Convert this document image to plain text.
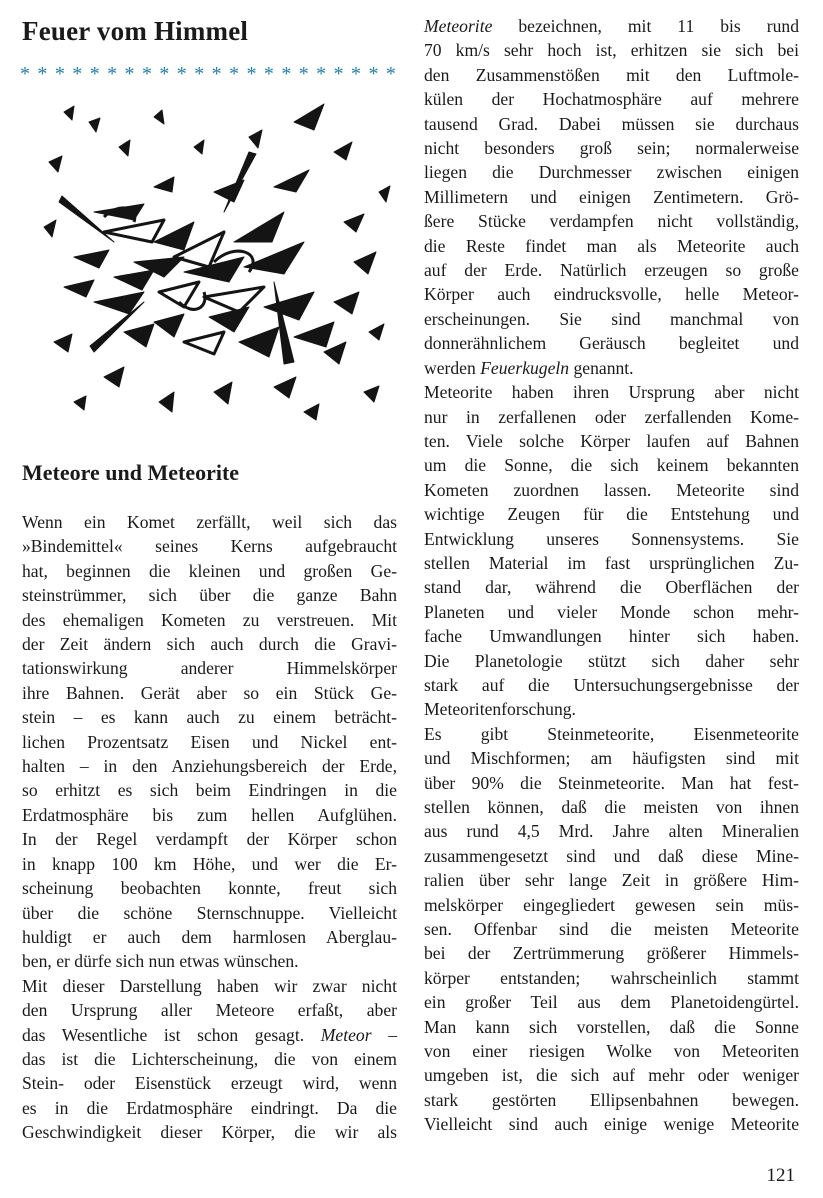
Feuer vom Himmel
* * * * * * * * * * * * * * * * * * * * * *
Meteore und Meteorite

Wenn ein Komet zerfällt, weil sich das
»Bindemittel« seines Kerns aufgebraucht
hat, beginnen die kleinen und großen Ge-
steinstrümmer, sich über die ganze Bahn
des ehemaligen Kometen zu verstreuen. Mit
der Zeit ändern sich auch durch die Gravi-
tationswirkung anderer Himmelskörper
ihre Bahnen. Gerät aber so ein Stück Ge-
stein – es kann auch zu einem beträcht-
lichen Prozentsatz Eisen und Nickel ent-
halten – in den Anziehungsbereich der Erde,
so erhitzt es sich beim Eindringen in die
Erdatmosphäre bis zum hellen Aufglühen.
In der Regel verdampft der Körper schon
in knapp 100 km Höhe, und wer die Er-
scheinung beobachten konnte, freut sich
über die schöne Sternschnuppe. Vielleicht
huldigt er auch dem harmlosen Aberglau-
ben, er dürfe sich nun etwas wünschen.

Mit dieser Darstellung haben wir zwar nicht
den Ursprung aller Meteore erfaßt, aber
das Wesentliche ist schon gesagt. Meteor –
das ist die Lichterscheinung, die von einem
Stein- oder Eisenstück erzeugt wird, wenn
es in die Erdatmosphäre eindringt. Da die
Geschwindigkeit dieser Körper, die wir als

Meteorite bezeichnen, mit 11 bis rund
70 km/s sehr hoch ist, erhitzen sie sich bei
den Zusammenstößen mit den Luftmole-
külen der Hochatmosphäre auf mehrere
tausend Grad. Dabei müssen sie durchaus
nicht besonders groß sein; normalerweise
liegen die Durchmesser zwischen einigen
Millimetern und einigen Zentimetern. Grö-
ßere Stücke verdampfen nicht vollständig,
die Reste findet man als Meteorite auch
auf der Erde. Natürlich erzeugen so große
Körper auch eindrucksvolle, helle Meteor-
erscheinungen. Sie sind manchmal von
donnerähnlichem Geräusch begleitet und
werden Feuerkugeln genannt.

Meteorite haben ihren Ursprung aber nicht
nur in zerfallenen oder zerfallenden Kome-
ten. Viele solche Körper laufen auf Bahnen
um die Sonne, die sich keinem bekannten
Kometen zuordnen lassen. Meteorite sind
wichtige Zeugen für die Entstehung und
Entwicklung unseres Sonnensystems. Sie
stellen Material im fast ursprünglichen Zu-
stand dar, während die Oberflächen der
Planeten und vieler Monde schon mehr-
fache Umwandlungen hinter sich haben.
Die Planetologie stützt sich daher sehr
stark auf die Untersuchungsergebnisse der
Meteoritenforschung.

Es gibt Steinmeteorite, Eisenmeteorite
und Mischformen; am häufigsten sind mit
über 90% die Steinmeteorite. Man hat fest-
stellen können, daß die meisten von ihnen
aus rund 4,5 Mrd. Jahre alten Mineralien
zusammengesetzt sind und daß diese Mine-
ralien über sehr lange Zeit in größere Him-
melskörper eingegliedert gewesen sein müs-
sen. Offenbar sind die meisten Meteorite
bei der Zertrümmerung größerer Himmels-
körper entstanden; wahrscheinlich stammt
ein großer Teil aus dem Planetoidengürtel.
Man kann sich vorstellen, daß die Sonne
von einer riesigen Wolke von Meteoriten
umgeben ist, die sich auf mehr oder weniger
stark gestörten Ellipsenbahnen bewegen.
Vielleicht sind auch einige wenige Meteorite

121
